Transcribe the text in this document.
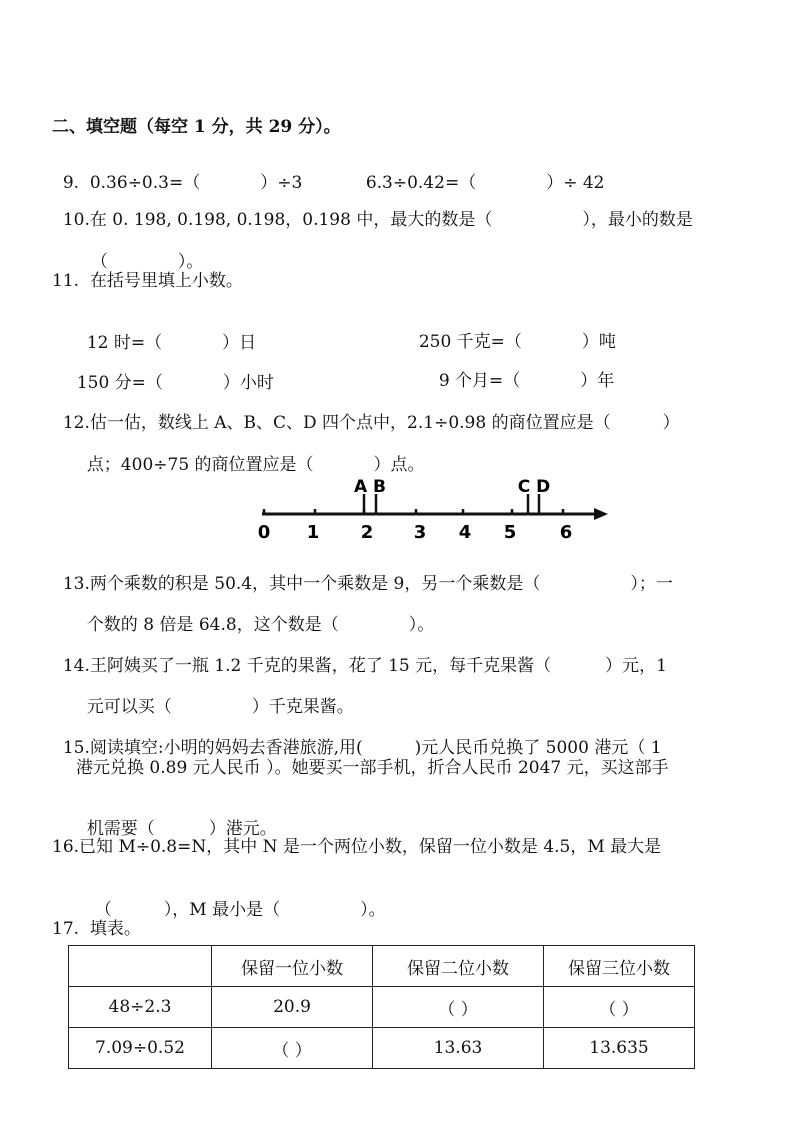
二、填空题（每空 1 分，共 29 分）。

9.  0.36÷0.3=（	）÷3	6.3÷0.42=（	）÷ 42

10.在 0. 198, 0.198, 0.198，0.198 中，最大的数是（	），最小的数是

（	）。

11.  在括号里填上小数。

12 时=（	）日	250 千克=（	）吨

150 分=（	）小时	9 个月=（	）年

12.估一估，数线上 A、B、C、D 四个点中，2.1÷0.98 的商位置应是（	）

点；400÷75 的商位置应是（	）点。

A B	C D
0 1 2 3 4 5 6

13.两个乘数的积是 50.4，其中一个乘数是 9，另一个乘数是（	）；一

个数的 8 倍是 64.8，这个数是（	）。

14.王阿姨买了一瓶 1.2 千克的果酱，花了 15 元，每千克果酱（	）元，1

元可以买（	）千克果酱。

15.阅读填空:小明的妈妈去香港旅游,用(	)元人民币兑换了 5000 港元（ 1

港元兑换 0.89 元人民币 ）。她要买一部手机，折合人民币 2047 元，买这部手

机需要（	）港元。

16.已知 M÷0.8=N，其中 N 是一个两位小数，保留一位小数是 4.5，M 最大是

（	），M 最小是（	）。

17.  填表。
	保留一位小数	保留二位小数	保留三位小数
48÷2.3	20.9	（ ）	（ ）
7.09÷0.52	（ ）	13.63	13.635
